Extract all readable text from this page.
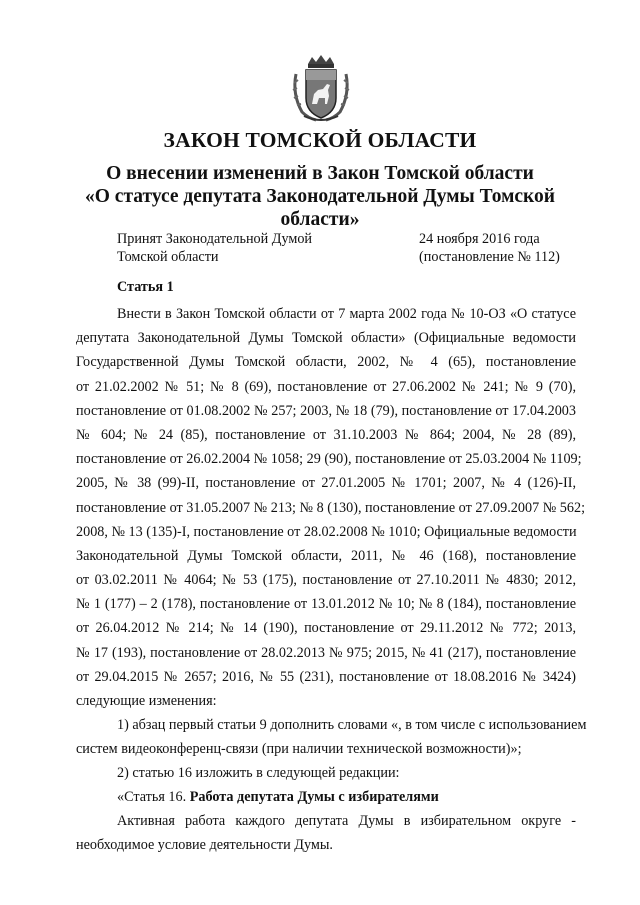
ЗАКОН ТОМСКОЙ ОБЛАСТИ
О внесении изменений в Закон Томской области
«О статусе депутата Законодательной Думы Томской
области»
Принят Законодательной Думой
Томской области
24 ноября 2016 года
(постановление № 112)
Статья 1
Внести в Закон Томской области от 7 марта 2002 года № 10-ОЗ «О статусе
депутата Законодательной Думы Томской области» (Официальные ведомости
Государственной Думы Томской области, 2002, № 4 (65), постановление
от 21.02.2002 № 51; № 8 (69), постановление от 27.06.2002 № 241; № 9 (70),
постановление от 01.08.2002 № 257; 2003, № 18 (79), постановление от 17.04.2003
№ 604; № 24 (85), постановление от 31.10.2003 № 864; 2004, № 28 (89),
постановление от 26.02.2004 № 1058; 29 (90), постановление от 25.03.2004 № 1109;
2005, № 38 (99)-II, постановление от 27.01.2005 № 1701; 2007, № 4 (126)-II,
постановление от 31.05.2007 № 213; № 8 (130), постановление от 27.09.2007 № 562;
2008, № 13 (135)-I, постановление от 28.02.2008 № 1010; Официальные ведомости
Законодательной Думы Томской области, 2011, № 46 (168), постановление
от 03.02.2011 № 4064; № 53 (175), постановление от 27.10.2011 № 4830; 2012,
№ 1 (177) – 2 (178), постановление от 13.01.2012 № 10; № 8 (184), постановление
от 26.04.2012 № 214; № 14 (190), постановление от 29.11.2012 № 772; 2013,
№ 17 (193), постановление от 28.02.2013 № 975; 2015, № 41 (217), постановление
от 29.04.2015 № 2657; 2016, № 55 (231), постановление от 18.08.2016 № 3424)
следующие изменения:
1) абзац первый статьи 9 дополнить словами «, в том числе с использованием
систем видеоконференц-связи (при наличии технической возможности)»;
2) статью 16 изложить в следующей редакции:
«Статья 16. Работа депутата Думы с избирателями
Активная работа каждого депутата Думы в избирательном округе -
необходимое условие деятельности Думы.
